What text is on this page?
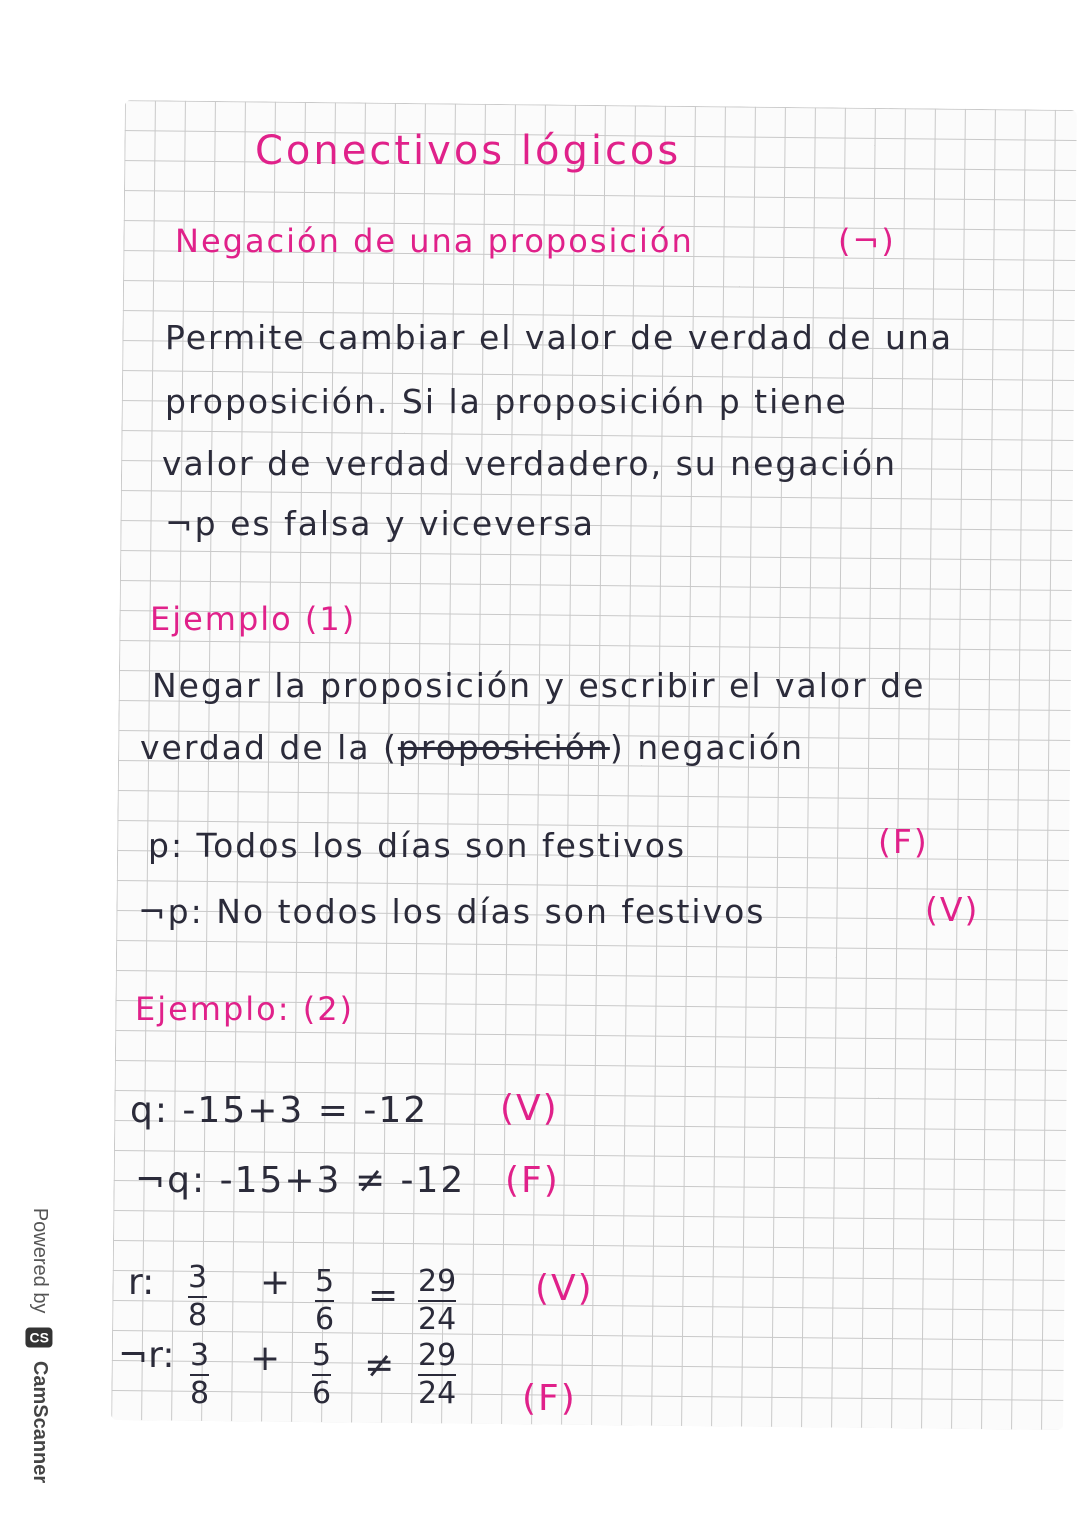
Conectivos lógicos
Negación de una proposición	(¬)
Permite cambiar el valor de verdad de una
proposición. Si la proposición p tiene
valor de verdad verdadero, su negación
¬p es falsa y viceversa
Ejemplo (1)
Negar la proposición y escribir el valor de
verdad de la (proposición) negación
p: Todos los días son festivos	(F)
¬p: No todos los días son festivos	(V)
Ejemplo: (2)
q: -15+3 = -12 (V)
¬q: -15+3 ≠ -12 (F)
r: 3
8
+ 5
6
= 29
24
(V)
¬r: 3
8
+ 5
6
≠ 29
24 (F)
Powered by
CS
CamScanner
